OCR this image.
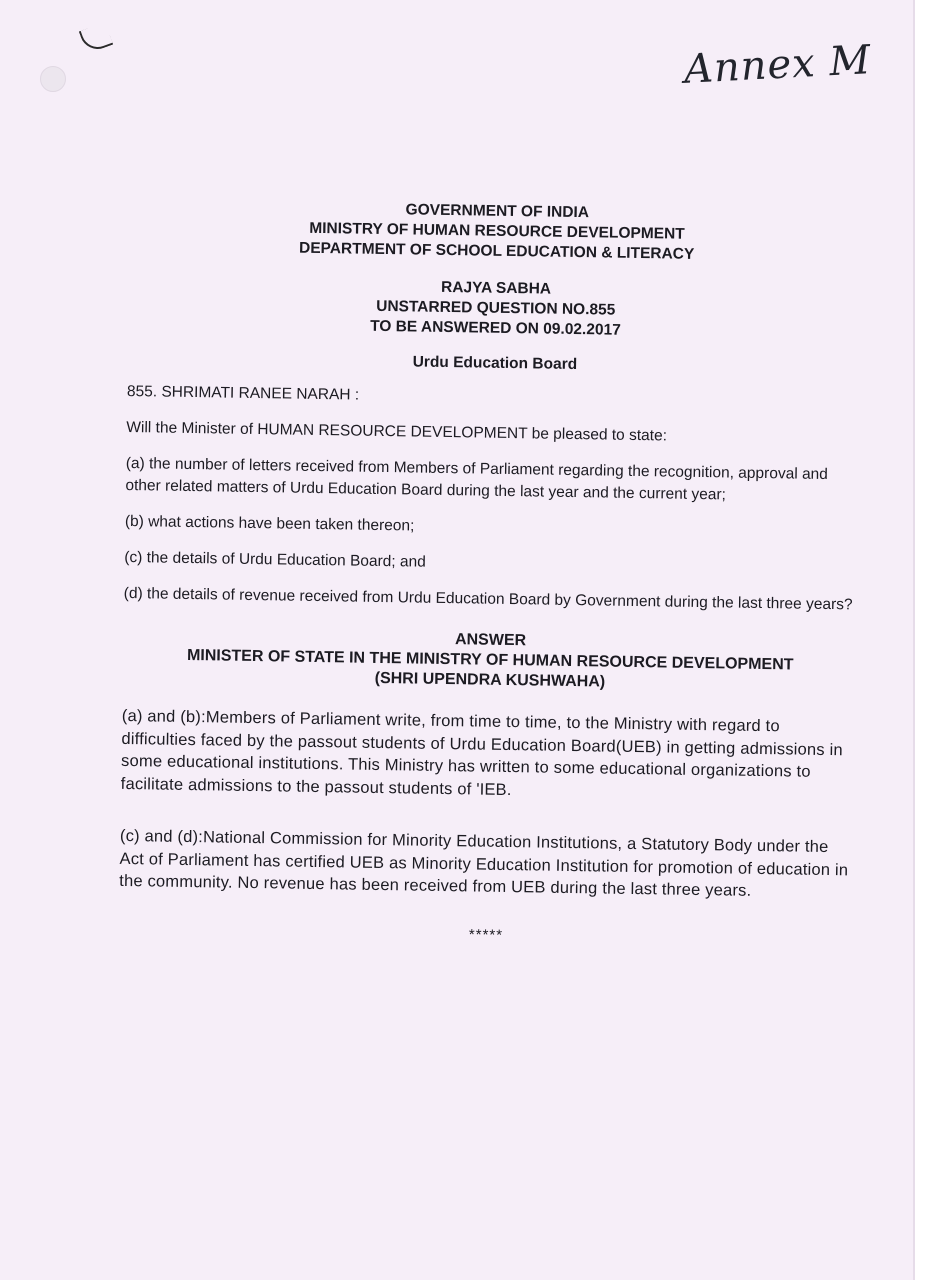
Annex M
GOVERNMENT OF INDIA
MINISTRY OF HUMAN RESOURCE DEVELOPMENT
DEPARTMENT OF SCHOOL EDUCATION & LITERACY
RAJYA SABHA
UNSTARRED QUESTION NO.855
TO BE ANSWERED ON 09.02.2017
Urdu Education Board

855. SHRIMATI RANEE NARAH :

Will the Minister of HUMAN RESOURCE DEVELOPMENT be pleased to state:

(a) the number of letters received from Members of Parliament regarding the recognition, approval and other related matters of Urdu Education Board during the last year and the current year;

(b) what actions have been taken thereon;

(c) the details of Urdu Education Board; and

(d) the details of revenue received from Urdu Education Board by Government during the last three years?

ANSWER
MINISTER OF STATE IN THE MINISTRY OF HUMAN RESOURCE DEVELOPMENT
(SHRI UPENDRA KUSHWAHA)

(a) and (b):Members of Parliament write, from time to time, to the Ministry with regard to difficulties faced by the passout students of Urdu Education Board(UEB) in getting admissions in some educational institutions. This Ministry has written to some educational organizations to facilitate admissions to the passout students of 'IEB.

(c) and (d):National Commission for Minority Education Institutions, a Statutory Body under the Act of Parliament has certified UEB as Minority Education Institution for promotion of education in the community. No revenue has been received from UEB during the last three years.

*****
